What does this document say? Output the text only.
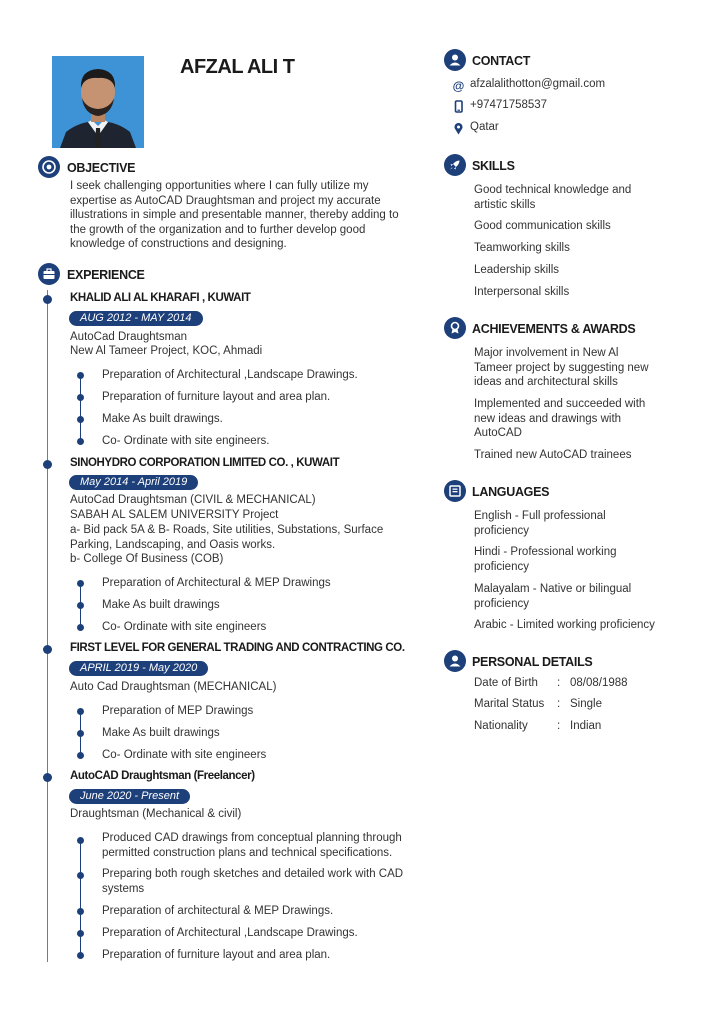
AFZAL ALI T
OBJECTIVE
I seek challenging opportunities where I can fully utilize my
expertise as AutoCAD Draughtsman and project my accurate
illustrations in simple and presentable manner, thereby adding to
the growth of the organization and to further develop good
knowledge of constructions and designing.
EXPERIENCE
KHALID ALI AL KHARAFI , KUWAIT
AUG 2012 - MAY 2014
AutoCad Draughtsman
New Al Tameer Project, KOC, Ahmadi
Preparation of Architectural ,Landscape Drawings.
Preparation of furniture layout and area plan.
Make As built drawings.
Co- Ordinate with site engineers.
SINOHYDRO CORPORATION LIMITED CO. , KUWAIT
May 2014 - April 2019
AutoCad Draughtsman (CIVIL & MECHANICAL)
SABAH AL SALEM UNIVERSITY Project
a- Bid pack 5A & B- Roads, Site utilities, Substations, Surface
Parking, Landscaping, and Oasis works.
b- College Of Business (COB)
Preparation of Architectural & MEP Drawings
Make As built drawings
Co- Ordinate with site engineers
FIRST LEVEL FOR GENERAL TRADING AND CONTRACTING CO.
APRIL 2019 - May 2020
Auto Cad Draughtsman (MECHANICAL)
Preparation of MEP Drawings
Make As built drawings
Co- Ordinate with site engineers
AutoCAD Draughtsman (Freelancer)
June 2020 - Present
Draughtsman (Mechanical & civil)
Produced CAD drawings from conceptual planning through
permitted construction plans and technical specifications.
Preparing both rough sketches and detailed work with CAD
systems
Preparation of architectural & MEP Drawings.
Preparation of Architectural ,Landscape Drawings.
Preparation of furniture layout and area plan.
CONTACT
@ afzalalithotton@gmail.com
+97471758537
Qatar
SKILLS
Good technical knowledge and
artistic skills
Good communication skills
Teamworking skills
Leadership skills
Interpersonal skills
ACHIEVEMENTS & AWARDS
Major involvement in New Al
Tameer project by suggesting new
ideas and architectural skills
Implemented and succeeded with
new ideas and drawings with
AutoCAD
Trained new AutoCAD trainees
LANGUAGES
English - Full professional
proficiency
Hindi - Professional working
proficiency
Malayalam - Native or bilingual
proficiency
Arabic - Limited working proficiency
PERSONAL DETAILS
Date of Birth : 08/08/1988
Marital Status : Single
Nationality	: Indian
